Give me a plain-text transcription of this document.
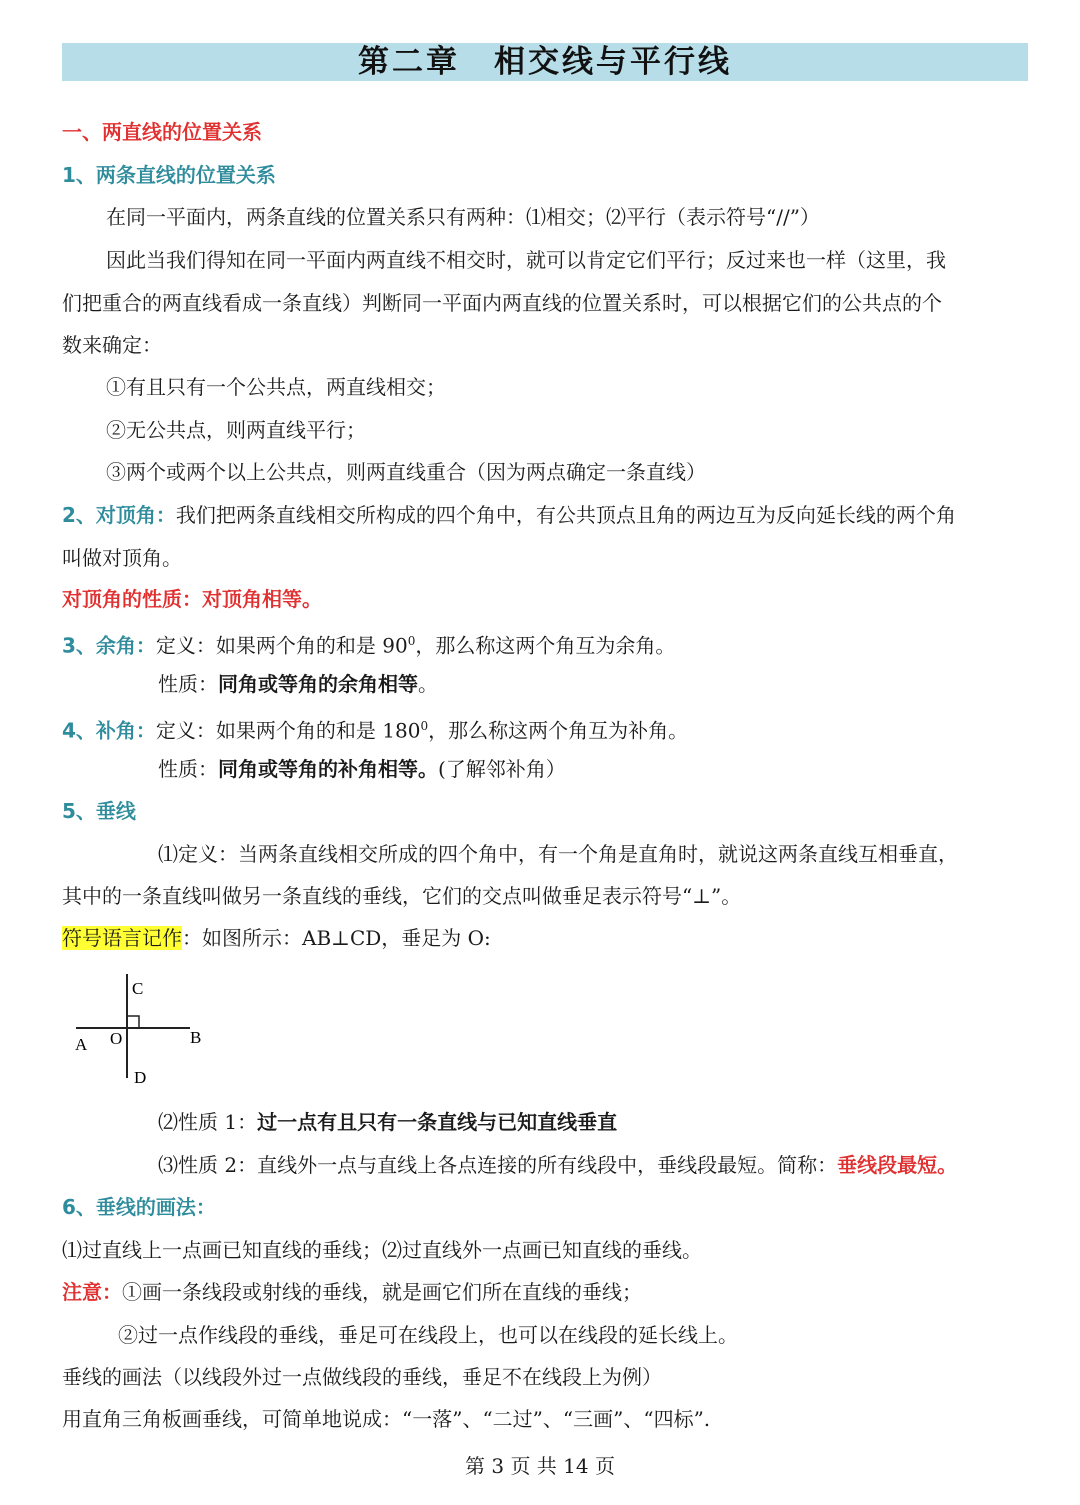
第二章　相交线与平行线
一、两直线的位置关系
1、两条直线的位置关系
在同一平面内，两条直线的位置关系只有两种：⑴相交；⑵平行（表示符号“//”）
因此当我们得知在同一平面内两直线不相交时，就可以肯定它们平行；反过来也一样（这里，我
们把重合的两直线看成一条直线）判断同一平面内两直线的位置关系时，可以根据它们的公共点的个
数来确定：
①有且只有一个公共点，两直线相交；
②无公共点，则两直线平行；
③两个或两个以上公共点，则两直线重合（因为两点确定一条直线）
2、对顶角：我们把两条直线相交所构成的四个角中，有公共顶点且角的两边互为反向延长线的两个角
叫做对顶角。
对顶角的性质：对顶角相等。
3、余角：定义：如果两个角的和是 $90^0$，那么称这两个角互为余角。
性质：同角或等角的余角相等。
4、补角：定义：如果两个角的和是 $180^0$，那么称这两个角互为补角。
性质：同角或等角的补角相等。(了解邻补角）
5、垂线
⑴定义：当两条直线相交所成的四个角中，有一个角是直角时，就说这两条直线互相垂直，
其中的一条直线叫做另一条直线的垂线，它们的交点叫做垂足表示符号“⊥”。
符号语言记作：如图所示：AB⊥CD，垂足为 O:
C
A O	B
D
⑵性质 1：过一点有且只有一条直线与已知直线垂直
⑶性质 2：直线外一点与直线上各点连接的所有线段中，垂线段最短。简称：垂线段最短。
6、垂线的画法：
⑴过直线上一点画已知直线的垂线；⑵过直线外一点画已知直线的垂线。
注意：①画一条线段或射线的垂线，就是画它们所在直线的垂线；
②过一点作线段的垂线，垂足可在线段上，也可以在线段的延长线上。
垂线的画法（以线段外过一点做线段的垂线，垂足不在线段上为例）
用直角三角板画垂线，可简单地说成：“一落”、“二过”、“三画”、“四标”.
第 3 页 共 14 页
